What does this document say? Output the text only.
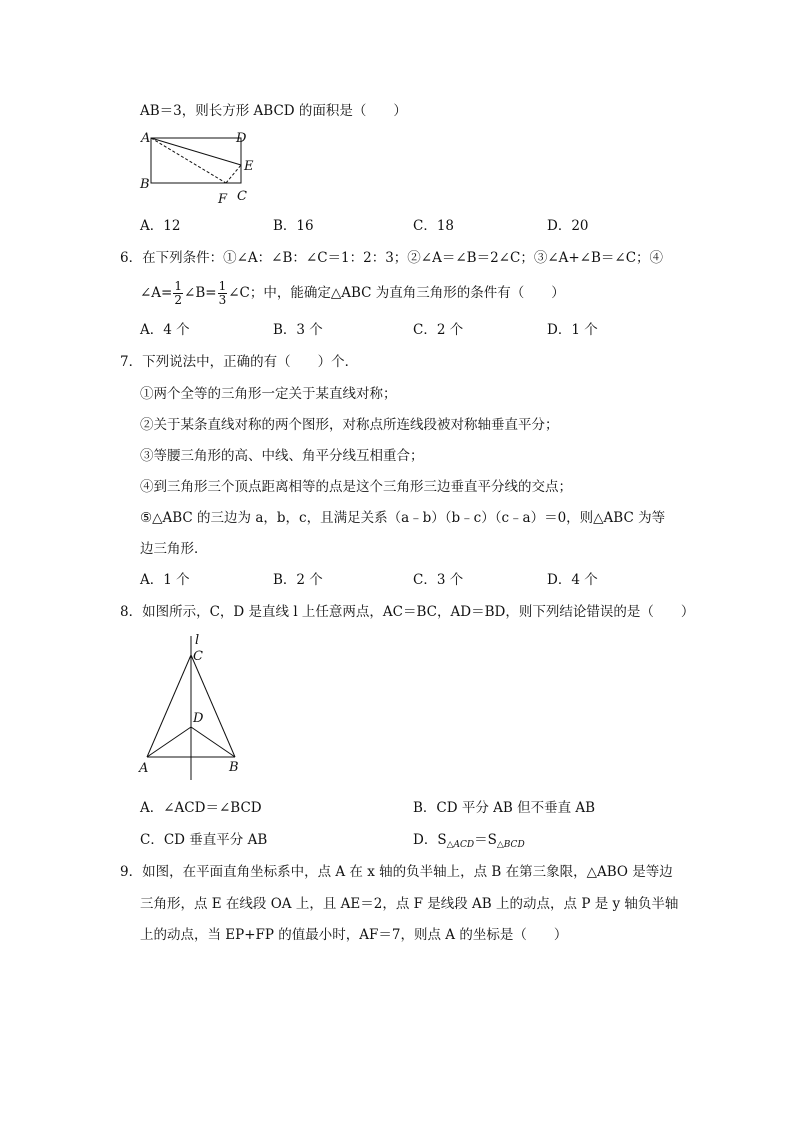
AB＝3，则长方形 ABCD 的面积是（　　）
A	D
E
B
F C
A．12	B．16	C．18	D．20
6．在下列条件：①∠A：∠B：∠C＝1：2：3；②∠A＝∠B＝2∠C；③∠A+∠B＝∠C；④
∠A= $\frac{1}{2}$ ∠B= $\frac{1}{3}$ ∠C；中，能确定△ABC 为直角三角形的条件有（　　）
A．4 个	B．3 个	C．2 个	D．1 个
7．下列说法中，正确的有（　　）个．
①两个全等的三角形一定关于某直线对称；
②关于某条直线对称的两个图形，对称点所连线段被对称轴垂直平分；
③等腰三角形的高、中线、角平分线互相重合；
④到三角形三个顶点距离相等的点是这个三角形三边垂直平分线的交点；
⑤△ABC 的三边为 a，b，c，且满足关系（a﹣b）（b﹣c）（c﹣a）＝0，则△ABC 为等
边三角形．
A．1 个	B．2 个	C．3 个	D．4 个
8．如图所示，C，D 是直线 l 上任意两点，AC＝BC，AD＝BD，则下列结论错误的是（　　）
l
C
D
A	B
A．∠ACD＝∠BCD	B．CD 平分 AB 但不垂直 AB
C．CD 垂直平分 AB	D．$S_{\triangle ACD}=S_{\triangle BCD}$
9．如图，在平面直角坐标系中，点 A 在 x 轴的负半轴上，点 B 在第三象限，△ABO 是等边
三角形，点 E 在线段 OA 上，且 AE＝2，点 F 是线段 AB 上的动点，点 P 是 y 轴负半轴
上的动点，当 EP+FP 的值最小时，AF＝7，则点 A 的坐标是（　　）
